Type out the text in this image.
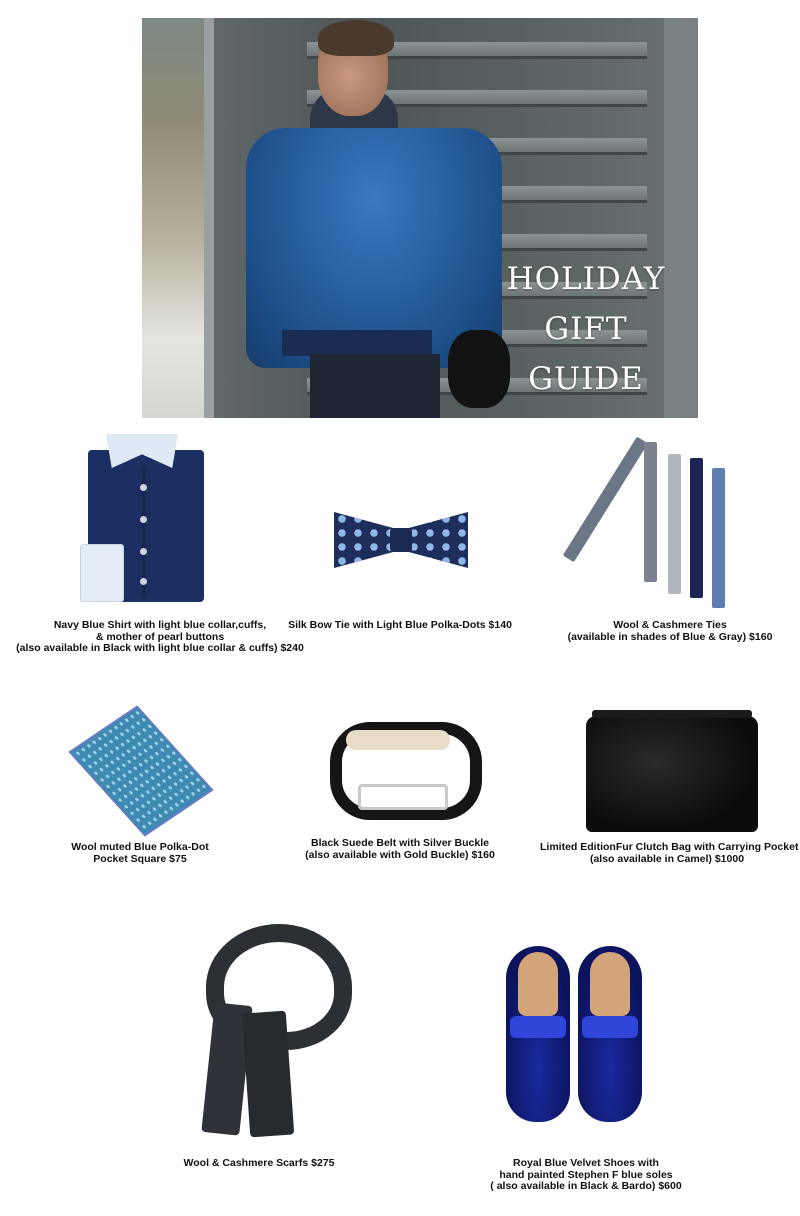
HOLIDAY
GIFT
GUIDE
Navy Blue Shirt with light blue collar,cuffs,
& mother of pearl buttons
(also available in Black with light blue collar & cuffs) $240
Silk Bow Tie with Light Blue Polka-Dots $140	Wool & Cashmere Ties
(available in shades of Blue & Gray) $160
Wool muted Blue Polka-Dot
Pocket Square $75
Black Suede Belt with Silver Buckle
(also available with Gold Buckle) $160
Limited EditionFur Clutch Bag with Carrying Pocket
(also available in Camel) $1000
Wool & Cashmere Scarfs $275	Royal Blue Velvet Shoes with
hand painted Stephen F blue soles
( also available in Black & Bardo) $600
